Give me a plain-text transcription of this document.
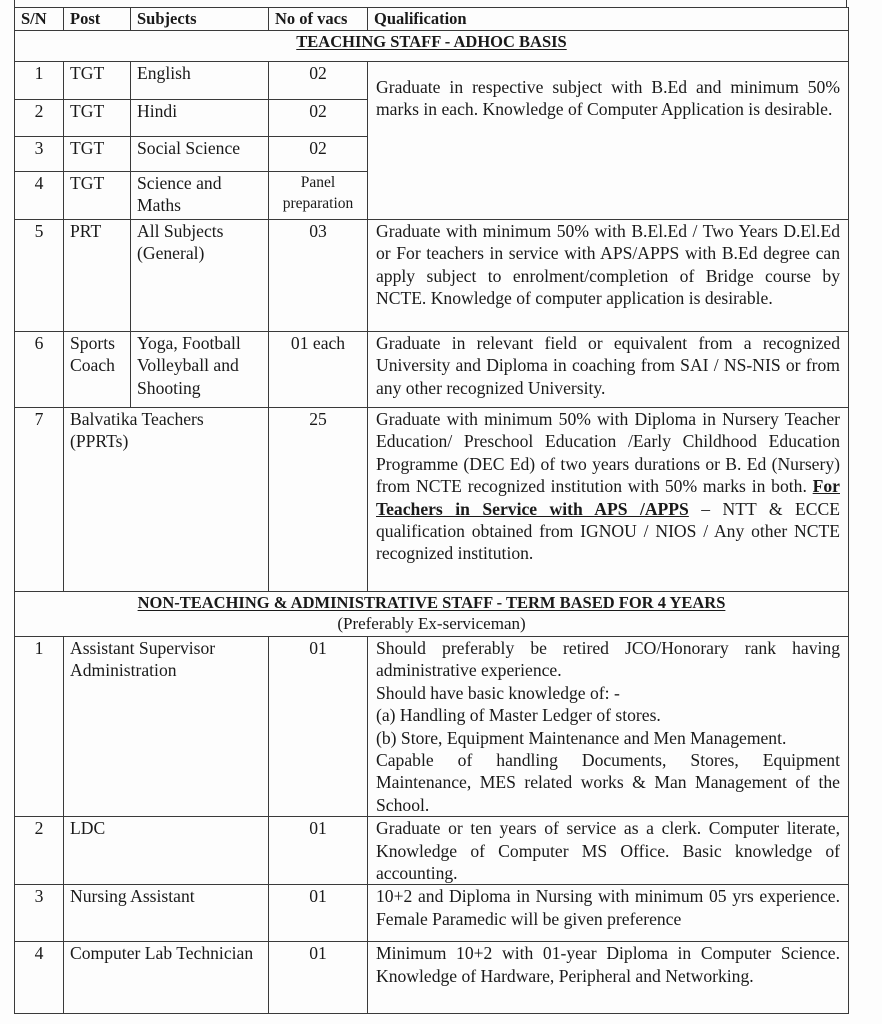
S/N	Post	Subjects	No of vacs	Qualification
TEACHING STAFF - ADHOC BASIS				
1	TGT	English	02	Graduate in respective subject with B.Ed and minimum 50% marks in each. Knowledge of Computer Application is desirable.
2	TGT	Hindi	02	
3	TGT	Social Science	02	
4	TGT	Science and Maths	Panel preparation	
5	PRT	All Subjects (General)	03	Graduate with minimum 50% with B.El.Ed / Two Years D.El.Ed or For teachers in service with APS/APPS with B.Ed degree can apply subject to enrolment/completion of Bridge course by NCTE. Knowledge of computer application is desirable.
6	Sports Coach	Yoga, Football Volleyball and Shooting	01 each	Graduate in relevant field or equivalent from a recognized University and Diploma in coaching from SAI / NS-NIS or from any other recognized University.
7	Balvatika Teachers (PPRTs)		25	Graduate with minimum 50% with Diploma in Nursery Teacher Education/ Preschool Education /Early Childhood Education Programme (DEC Ed) of two years durations or B. Ed (Nursery) from NCTE recognized institution with 50% marks in both. For Teachers in Service with APS /APPS – NTT & ECCE qualification obtained from IGNOU / NIOS / Any other NCTE recognized institution.
NON-TEACHING & ADMINISTRATIVE STAFF - TERM BASED FOR 4 YEARS
(Preferably Ex-serviceman)				

1	Assistant Supervisor Administration		01	Should preferably be retired JCO/Honorary rank having administrative experience.
Should have basic knowledge of: -
(a) Handling of Master Ledger of stores.
(b) Store, Equipment Maintenance and Men Management.
Capable of handling Documents, Stores, Equipment Maintenance, MES related works & Man Management of the School.

2	LDC		01	Graduate or ten years of service as a clerk. Computer literate, Knowledge of Computer MS Office. Basic knowledge of accounting.
3	Nursing Assistant		01	10+2 and Diploma in Nursing with minimum 05 yrs experience. Female Paramedic will be given preference
4	Computer Lab Technician		01	Minimum 10+2 with 01-year Diploma in Computer Science. Knowledge of Hardware, Peripheral and Networking.
